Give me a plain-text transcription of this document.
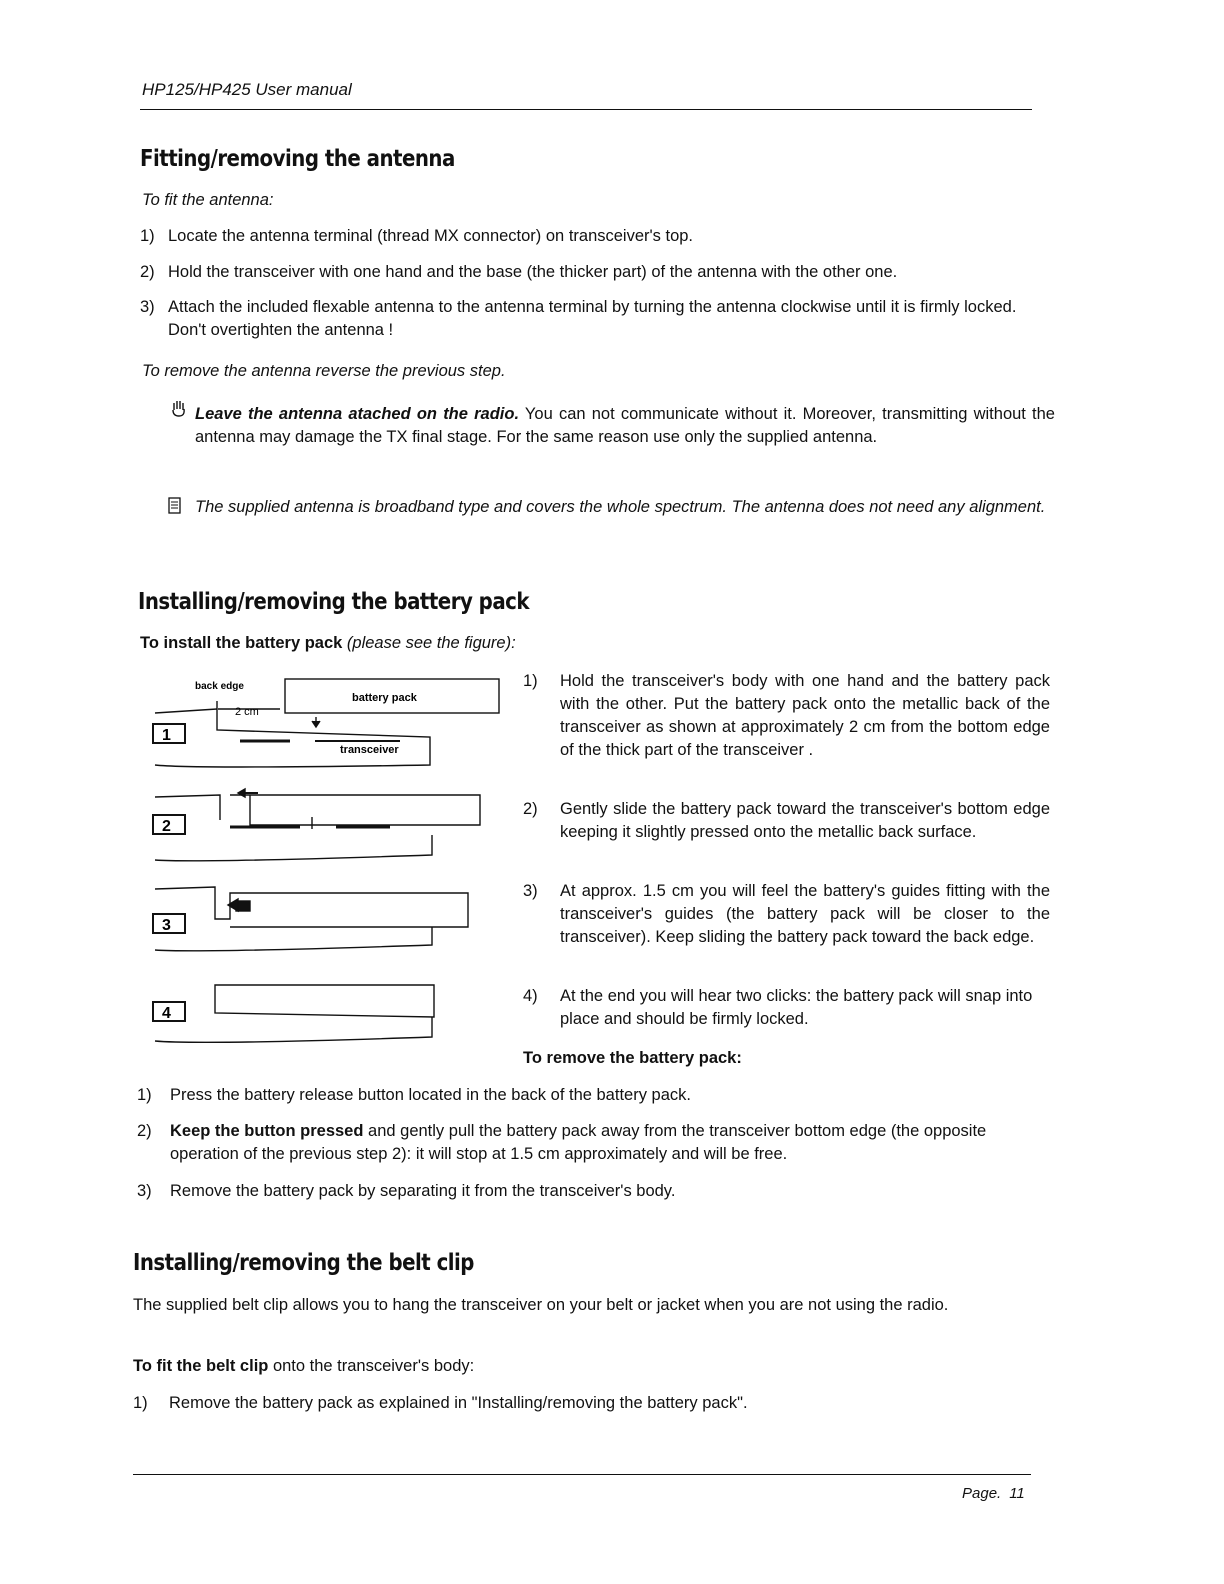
HP125/HP425 User manual
Fitting/removing the antenna

To fit the antenna:

1) Locate the antenna terminal (thread MX connector) on transceiver's top.
2) Hold the transceiver with one hand and the base (the thicker part) of the antenna with the other one.
3) Attach the included flexable antenna to the antenna terminal by turning the antenna clockwise until it is firmly locked. Don't overtighten the antenna !

To remove the antenna reverse the previous step.

Leave the antenna atached on the radio. You can not communicate without it. Moreover, transmitting without the antenna may damage the TX final stage. For the same reason use only the supplied antenna.

The supplied antenna is broadband type and covers the whole spectrum. The antenna does not need any alignment.

Installing/removing the battery pack

To install the battery pack (please see the figure):

1
2
3
4
back edge
2 cm
battery pack
transceiver
1) Hold the transceiver's body with one hand and the battery pack with the other. Put the battery pack onto the metallic back of the transceiver as shown at approximately 2 cm from the bottom edge of the thick part of the transceiver .
2) Gently slide the battery pack toward the transceiver's bottom edge keeping it slightly pressed onto the metallic back surface.
3) At approx. 1.5 cm you will feel the battery's guides fitting with the transceiver's guides (the battery pack will be closer to the transceiver). Keep sliding the battery pack toward the back edge.
4) At the end you will hear two clicks: the battery pack will snap into place and should be firmly locked.

To remove the battery pack:

1) Press the battery release button located in the back of the battery pack.
2) Keep the button pressed and gently pull the battery pack away from the transceiver bottom edge (the opposite operation of the previous step 2): it will stop at 1.5 cm approximately and will be free.
3) Remove the battery pack by separating it from the transceiver's body.
Installing/removing the belt clip

The supplied belt clip allows you to hang the transceiver on your belt or jacket when you are not using the radio.

To fit the belt clip onto the transceiver's body:

1) Remove the battery pack as explained in "Installing/removing the battery pack".
Page. 11
